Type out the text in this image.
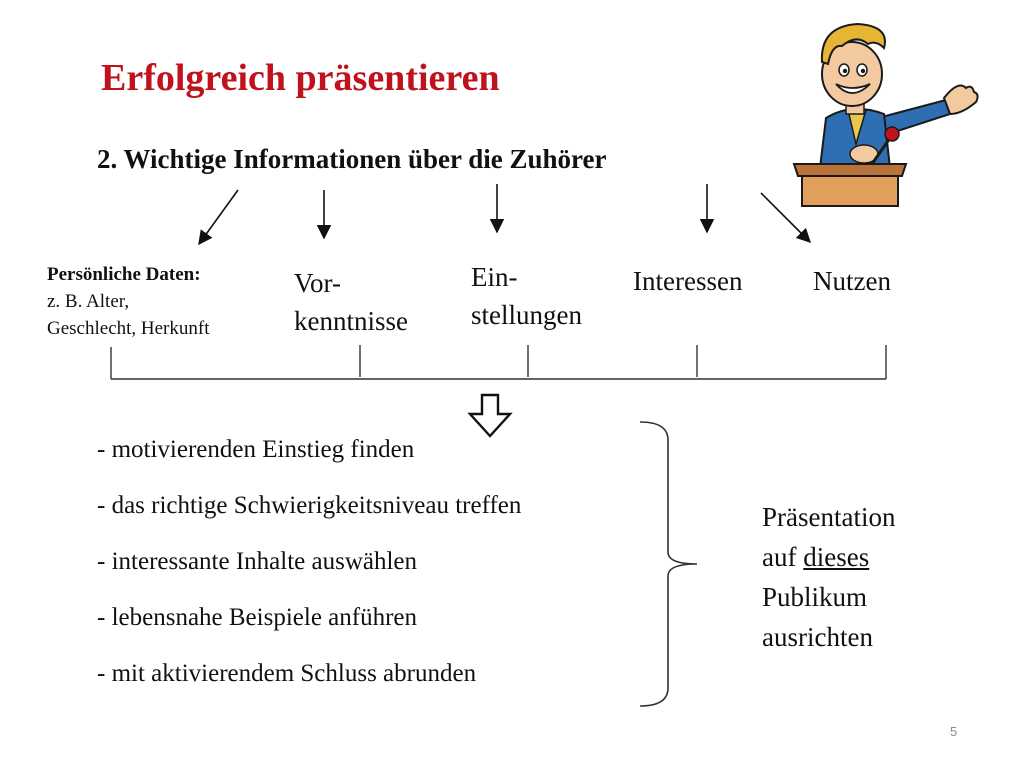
Erfolgreich präsentieren
2. Wichtige Informationen über die Zuhörer
Persönliche Daten:
z. B. Alter,
Geschlecht, Herkunft
Vor-
kenntnisse
Ein-
stellungen
Interessen	Nutzen
- motivierenden Einstieg finden
- das richtige Schwierigkeitsniveau treffen
- interessante Inhalte auswählen
- lebensnahe Beispiele anführen
- mit aktivierendem Schluss abrunden
Präsentation
auf dieses
Publikum
ausrichten
5
